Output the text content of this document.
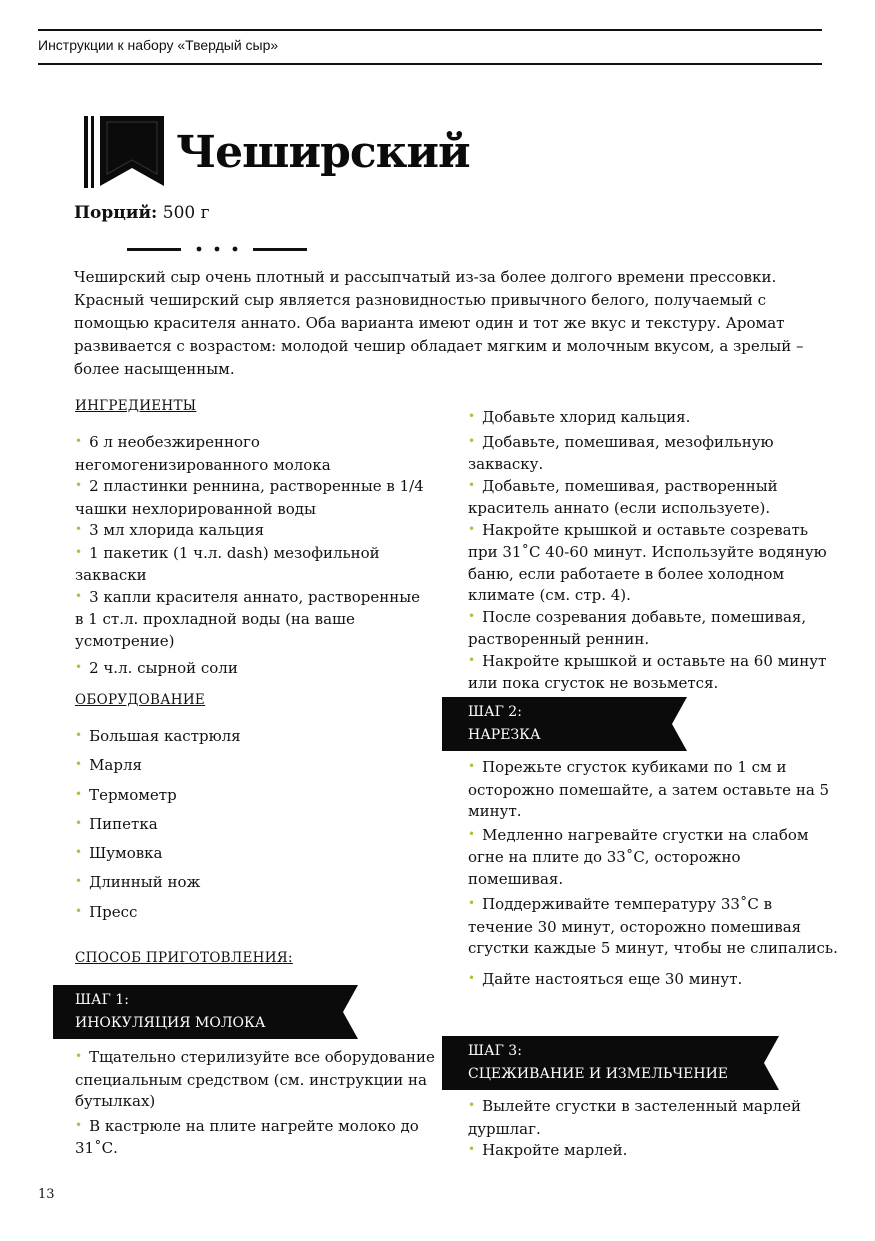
Инструкции к набору «Твердый сыр»
Чеширский
Порций: 500 г

Чеширский сыр очень плотный и рассыпчатый из-за более долгого времени прессовки. Красный чеширский сыр является разновидностью привычного белого, получаемый с помощью красителя аннато. Оба варианта имеют один и тот же вкус и текстуру. Аромат развивается с возрастом: молодой чешир обладает мягким и молочным вкусом, а зрелый – более насыщенным.

ИНГРЕДИЕНТЫ
• 6 л необезжиренного негомогенизированного молока
• 2 пластинки реннина, растворенные в 1/4 чашки нехлорированной воды
• 3 мл хлорида кальция
• 1 пакетик (1 ч.л. dash) мезофильной закваски
• 3 капли красителя аннато, растворенные в 1 ст.л. прохладной воды (на ваше усмотрение)
• 2 ч.л. сырной соли
ОБОРУДОВАНИЕ
• Большая кастрюля
• Марля
• Термометр
• Пипетка
• Шумовка
• Длинный нож
• Пресс
СПОСОБ ПРИГОТОВЛЕНИЯ:
ШАГ 1:
ИНОКУЛЯЦИЯ МОЛОКА
• Тщательно стерилизуйте все оборудование специальным средством (см. инструкции на бутылках)
• В кастрюле на плите нагрейте молоко до 31˚С.
• Добавьте хлорид кальция.
• Добавьте, помешивая, мезофильную закваску.
• Добавьте, помешивая, растворенный краситель аннато (если используете).
• Накройте крышкой и оставьте созревать при 31˚С 40-60 минут. Используйте водяную баню, если работаете в более холодном климате (см. стр. 4).
• После созревания добавьте, помешивая, растворенный реннин.
• Накройте крышкой и оставьте на 60 минут или пока сгусток не возьмется.
ШАГ 2:
НАРЕЗКА
• Порежьте сгусток кубиками по 1 см и осторожно помешайте, а затем оставьте на 5 минут.
• Медленно нагревайте сгустки на слабом огне на плите до 33˚С, осторожно помешивая.
• Поддерживайте температуру 33˚С в течение 30 минут, осторожно помешивая сгустки каждые 5 минут, чтобы не слипались.
• Дайте настояться еще 30 минут.
ШАГ 3:
СЦЕЖИВАНИЕ И ИЗМЕЛЬЧЕНИЕ
• Вылейте сгустки в застеленный марлей дуршлаг.
• Накройте марлей.
13
